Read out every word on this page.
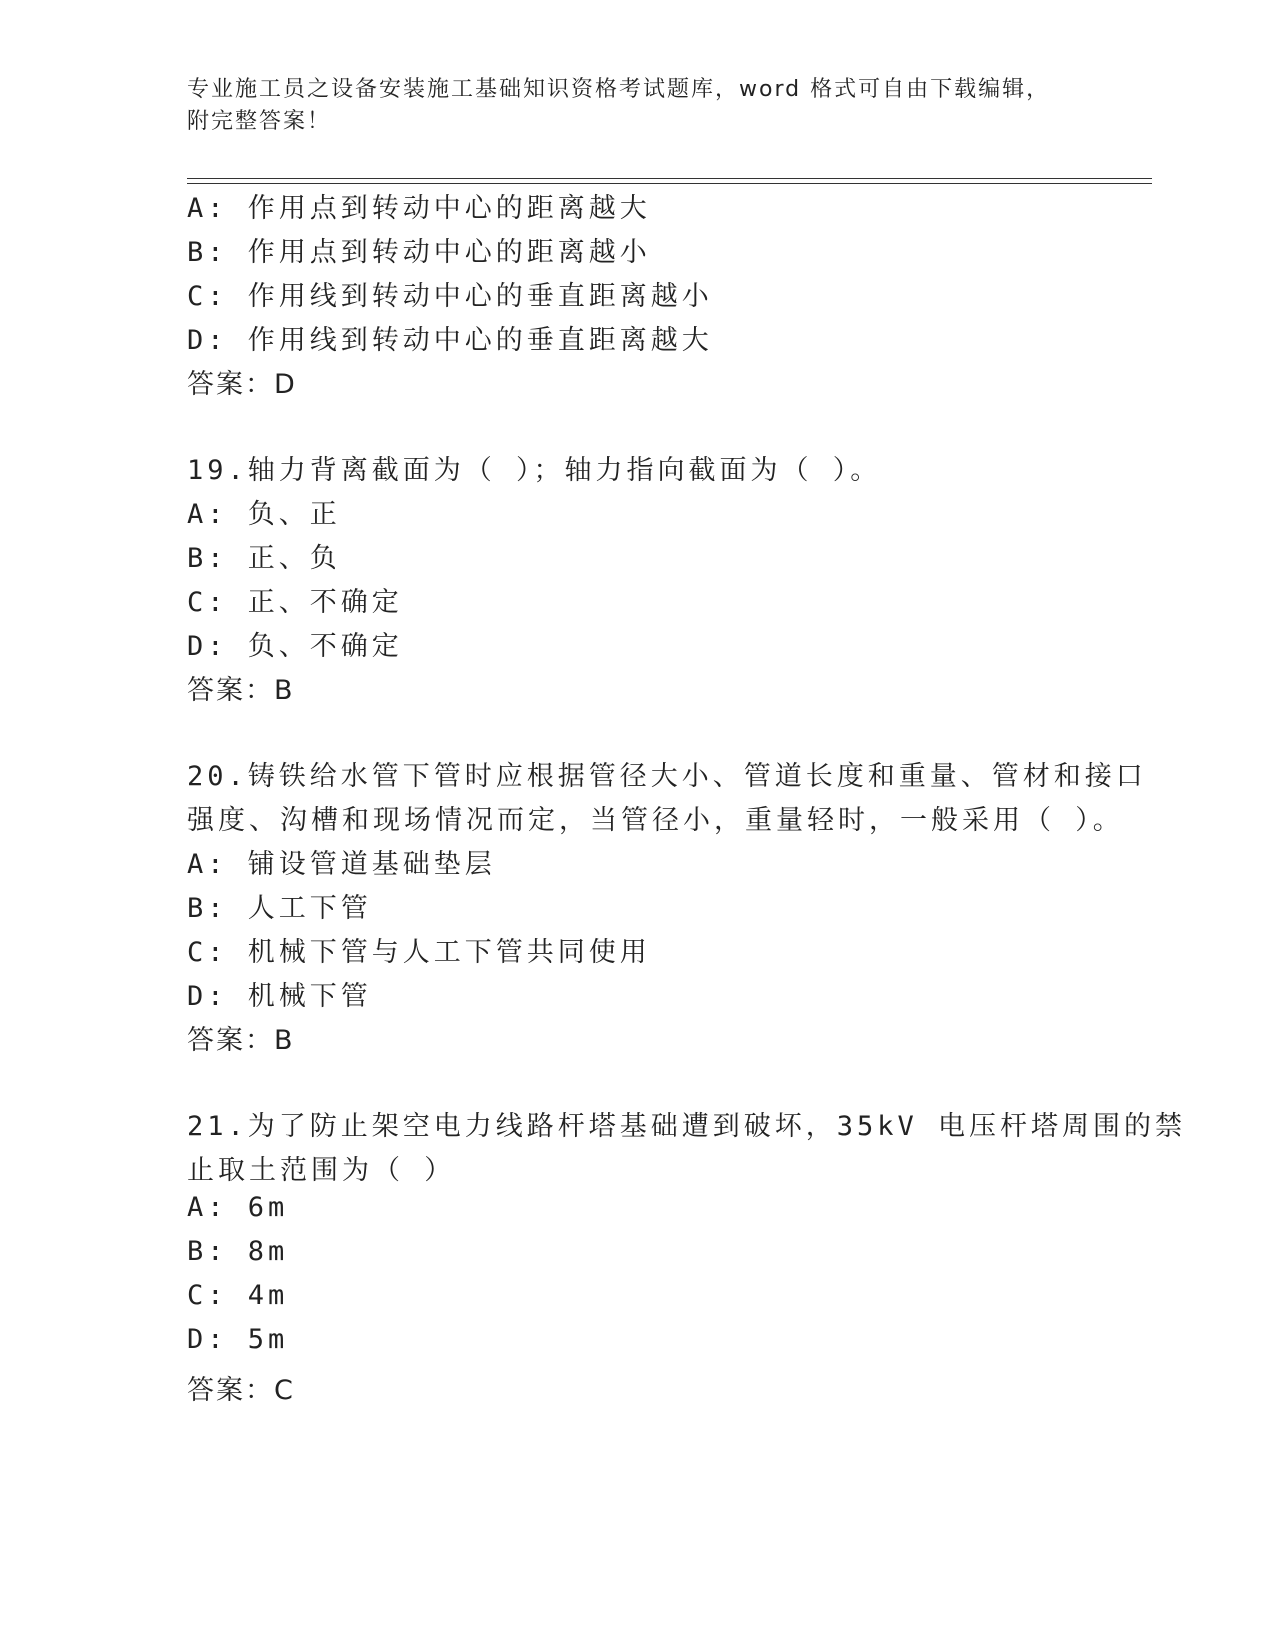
专业施工员之设备安装施工基础知识资格考试题库，word 格式可自由下载编辑，
附完整答案！
A: 作用点到转动中心的距离越大
B: 作用点到转动中心的距离越小
C: 作用线到转动中心的垂直距离越小
D: 作用线到转动中心的垂直距离越大
答案：D
19.轴力背离截面为（ ）；轴力指向截面为（ ）。
A: 负、正
B: 正、负
C: 正、不确定
D: 负、不确定
答案：B
20.铸铁给水管下管时应根据管径大小、管道长度和重量、管材和接口
强度、沟槽和现场情况而定，当管径小，重量轻时，一般采用（ ）。
A: 铺设管道基础垫层
B: 人工下管
C: 机械下管与人工下管共同使用
D: 机械下管
答案：B
21.为了防止架空电力线路杆塔基础遭到破坏，35kV 电压杆塔周围的禁
止取土范围为（ ）
A: 6m
B: 8m
C: 4m
D: 5m
答案：C
